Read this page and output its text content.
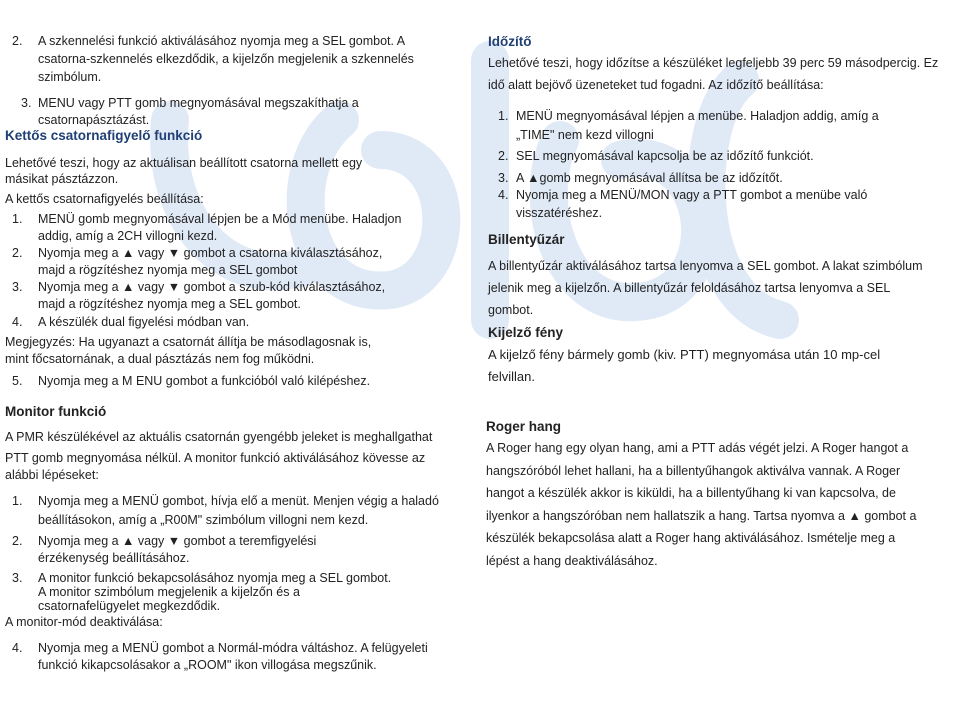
2. A szkennelési funkció aktiválásához nyomja meg a SEL gombot. A
csatorna-szkennelés elkezdődik, a kijelzőn megjelenik a szkennelés
szimbólum.
3. MENU vagy PTT gomb megnyomásával megszakíthatja a
csatornapásztázást.
Kettős csatornafigyelő funkció
Lehetővé teszi, hogy az aktuálisan beállított csatorna mellett egy
másikat pásztázzon.
A kettős csatornafigyelés beállítása:
1. MENÜ gomb megnyomásával lépjen be a Mód menübe. Haladjon
addig, amíg a 2CH villogni kezd.
2. Nyomja meg a ▲ vagy ▼ gombot a csatorna kiválasztásához,
majd a rögzítéshez nyomja meg a SEL gombot
3. Nyomja meg a ▲ vagy ▼ gombot a szub-kód kiválasztásához,
majd a rögzítéshez nyomja meg a SEL gombot.
4. A készülék dual figyelési módban van.
Megjegyzés: Ha ugyanazt a csatornát állítja be másodlagosnak is,
mint főcsatornának, a dual pásztázás nem fog működni.
5. Nyomja meg a M ENU gombot a funkcióból való kilépéshez.
Monitor funkció
A PMR készülékével az aktuális csatornán gyengébb jeleket is meghallgathat
PTT gomb megnyomása nélkül. A monitor funkció aktiválásához kövesse az
alábbi lépéseket:
1. Nyomja meg a MENÜ gombot, hívja elő a menüt. Menjen végig a haladó
beállításokon, amíg a „R00M" szimbólum villogni nem kezd.
2. Nyomja meg a ▲ vagy ▼ gombot a teremfigyelési
érzékenység beállításához.
3. A monitor funkció bekapcsolásához nyomja meg a SEL gombot.
A monitor szimbólum megjelenik a kijelzőn és a
csatornafelügyelet megkezdődik.
A monitor-mód deaktiválása:
4. Nyomja meg a MENÜ gombot a Normál-módra váltáshoz. A felügyeleti
funkció kikapcsolásakor a „ROOM" ikon villogása megszűnik.
Időzítő
Lehetővé teszi, hogy időzítse a készüléket legfeljebb 39 perc 59 másodpercig. Ez
idő alatt bejövő üzeneteket tud fogadni. Az időzítő beállítása:
1. MENÜ megnyomásával lépjen a menübe. Haladjon addig, amíg a
„TIME" nem kezd villogni
2. SEL megnyomásával kapcsolja be az időzítő funkciót.
3. A ▲gomb megnyomásával állítsa be az időzítőt.
4. Nyomja meg a MENÜ/MON vagy a PTT gombot a menübe való
visszatéréshez.
Billentyűzár
A billentyűzár aktiválásához tartsa lenyomva a SEL gombot. A lakat szimbólum
jelenik meg a kijelzőn. A billentyűzár feloldásához tartsa lenyomva a SEL
gombot.
Kijelző fény
A kijelző fény bármely gomb (kiv. PTT) megnyomása után 10 mp-cel
felvillan.
Roger hang
A Roger hang egy olyan hang, ami a PTT adás végét jelzi. A Roger hangot a
hangszóróból lehet hallani, ha a billentyűhangok aktiválva vannak. A Roger
hangot a készülék akkor is kiküldi, ha a billentyűhang ki van kapcsolva, de
ilyenkor a hangszóróban nem hallatszik a hang. Tartsa nyomva a ▲ gombot a
készülék bekapcsolása alatt a Roger hang aktiválásához. Ismételje meg a
lépést a hang deaktiválásához.
